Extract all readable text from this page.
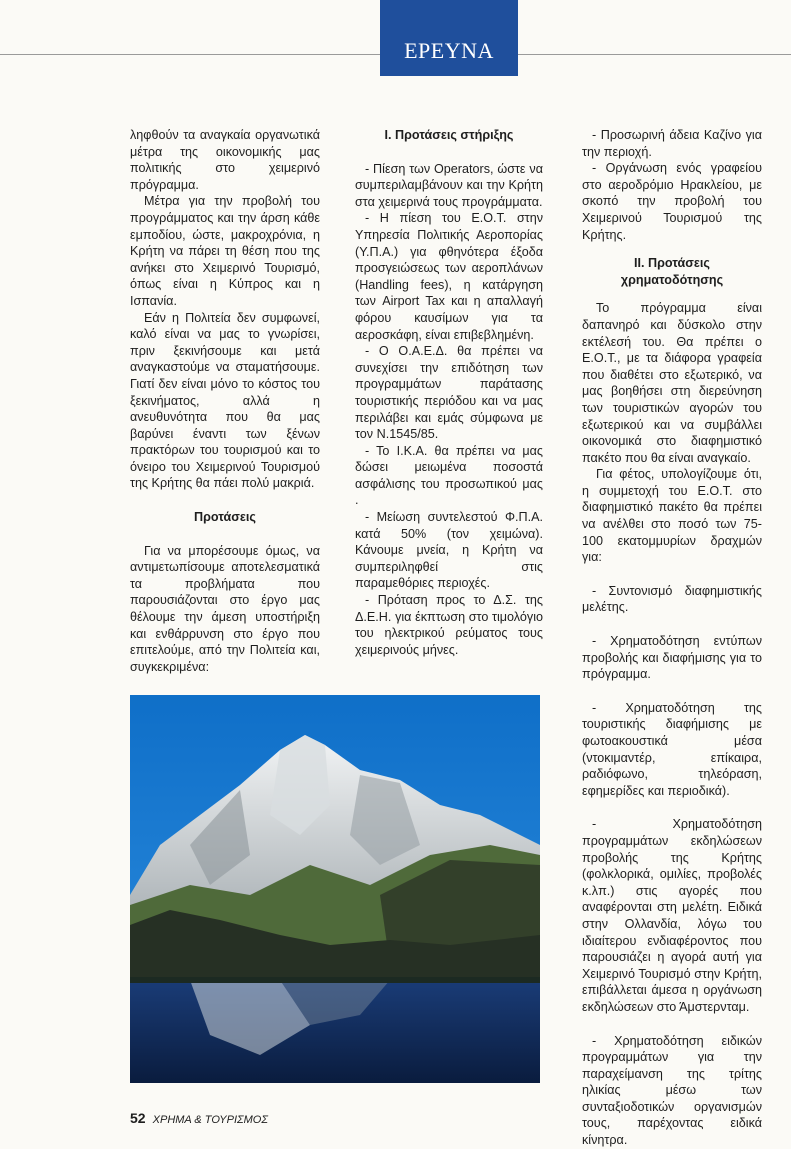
ΕΡΕΥΝΑ

ληφθούν τα αναγκαία οργανωτικά μέτρα της οικονομικής μας πολιτικής στο χειμερινό πρόγραμμα.

Μέτρα για την προβολή του προγράμματος και την άρση κάθε εμποδίου, ώστε, μακροχρόνια, η Κρήτη να πάρει τη θέση που της ανήκει στο Χειμερινό Τουρισμό, όπως είναι η Κύπρος και η Ισπανία.

Εάν η Πολιτεία δεν συμφωνεί, καλό είναι να μας το γνωρίσει, πριν ξεκινήσουμε και μετά αναγκαστούμε να σταματήσουμε. Γιατί δεν είναι μόνο το κόστος του ξεκινήματος, αλλά η ανευθυνότητα που θα μας βαρύνει έναντι των ξένων πρακτόρων του τουρισμού και το όνειρο του Χειμερινού Τουρισμού της Κρήτης θα πάει πολύ μακριά.

Προτάσεις

Για να μπορέσουμε όμως, να αντιμετωπίσουμε αποτελεσματικά τα προβλήματα που παρουσιάζονται στο έργο μας θέλουμε την άμεση υποστήριξη και ενθάρρυνση στο έργο που επιτελούμε, από την Πολιτεία και, συγκεκριμένα:

Ι. Προτάσεις στήριξης

- Πίεση των Operators, ώστε να συμπεριλαμβάνουν και την Κρήτη στα χειμερινά τους προγράμματα.

- Η πίεση του Ε.Ο.Τ. στην Υπηρεσία Πολιτικής Αεροπορίας (Υ.Π.Α.) για φθηνότερα έξοδα προσγειώσεως των αεροπλάνων (Handling fees), η κατάργηση των Airport Tax και η απαλλαγή φόρου καυσίμων για τα αεροσκάφη, είναι επιβεβλημένη.

- Ο Ο.Α.Ε.Δ. θα πρέπει να συνεχίσει την επιδότηση των προγραμμάτων παράτασης τουριστικής περιόδου και να μας περιλάβει και εμάς σύμφωνα με τον Ν.1545/85.

- Το Ι.Κ.Α. θα πρέπει να μας δώσει μειωμένα ποσοστά ασφάλισης του προσωπικού μας .

- Μείωση συντελεστού Φ.Π.Α. κατά 50% (τον χειμώνα). Κάνουμε μνεία, η Κρήτη να συμπεριληφθεί στις παραμεθόριες περιοχές.

- Πρόταση προς το Δ.Σ. της Δ.Ε.Η. για έκπτωση στο τιμολόγιο του ηλεκτρικού ρεύματος τους χειμερινούς μήνες.

- Προσωρινή άδεια Καζίνο για την περιοχή.

- Οργάνωση ενός γραφείου στο αεροδρόμιο Ηρακλείου, με σκοπό την προβολή του Χειμερινού Τουρισμού της Κρήτης.

ΙΙ. Προτάσεις χρηματοδότησης

Το πρόγραμμα είναι δαπανηρό και δύσκολο στην εκτέλεσή του. Θα πρέπει ο Ε.Ο.Τ., με τα διάφορα γραφεία που διαθέτει στο εξωτερικό, να μας βοηθήσει στη διερεύνηση των τουριστικών αγορών του εξωτερικού και να συμβάλλει οικονομικά στο διαφημιστικό πακέτο που θα είναι αναγκαίο.

Για φέτος, υπολογίζουμε ότι, η συμμετοχή του Ε.Ο.Τ. στο διαφημιστικό πακέτο θα πρέπει να ανέλθει στο ποσό των 75-100 εκατομμυρίων δραχμών για:

- Συντονισμό διαφημιστικής μελέτης.

- Χρηματοδότηση εντύπων προβολής και διαφήμισης για το πρόγραμμα.

- Χρηματοδότηση της τουριστικής διαφήμισης με φωτοακουστικά μέσα (ντοκιμαντέρ, επίκαιρα, ραδιόφωνο, τηλεόραση, εφημερίδες και περιοδικά).

- Χρηματοδότηση προγραμμάτων εκδηλώσεων προβολής της Κρήτης (φολκλορικά, ομιλίες, προβολές κ.λπ.) στις αγορές που αναφέρονται στη μελέτη. Ειδικά στην Ολλανδία, λόγω του ιδιαίτερου ενδιαφέροντος που παρουσιάζει η αγορά αυτή για Χειμερινό Τουρισμό στην Κρήτη, επιβάλλεται άμεσα η οργάνωση εκδηλώσεων στο Άμστερνταμ.

- Χρηματοδότηση ειδικών προγραμμάτων για την παραχείμανση της τρίτης ηλικίας μέσω των συνταξιοδοτικών οργανισμών τους, παρέχοντας ειδικά κίνητρα.

52 ΧΡΗΜΑ & ΤΟΥΡΙΣΜΟΣ
